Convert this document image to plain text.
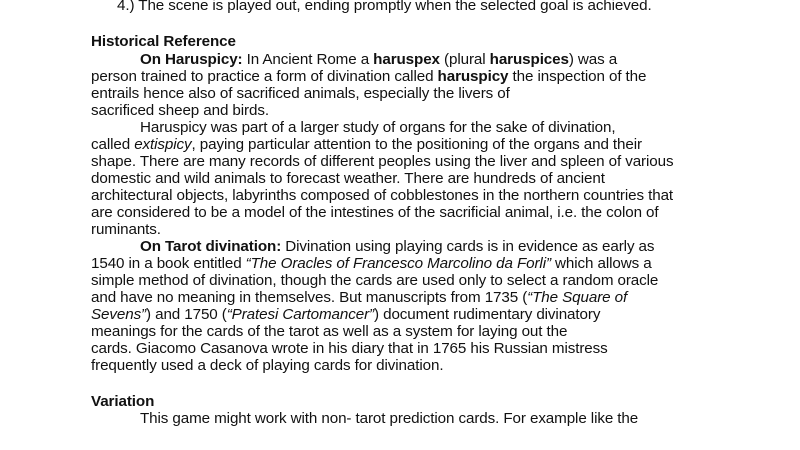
4.) The scene is played out, ending promptly when the selected goal is achieved.
Historical Reference
On Haruspicy: In Ancient Rome a haruspex (plural haruspices) was a
person trained to practice a form of divination called haruspicy the inspection of the
entrails hence also of sacrificed animals, especially the livers of
sacrificed sheep and birds.
Haruspicy was part of a larger study of organs for the sake of divination,
called extispicy, paying particular attention to the positioning of the organs and their
shape. There are many records of different peoples using the liver and spleen of various
domestic and wild animals to forecast weather. There are hundreds of ancient
architectural objects, labyrinths composed of cobblestones in the northern countries that
are considered to be a model of the intestines of the sacrificial animal, i.e. the colon of
ruminants.
On Tarot divination: Divination using playing cards is in evidence as early as
1540 in a book entitled “The Oracles of Francesco Marcolino da Forli” which allows a
simple method of divination, though the cards are used only to select a random oracle
and have no meaning in themselves. But manuscripts from 1735 (“The Square of
Sevens”) and 1750 (“Pratesi Cartomancer”) document rudimentary divinatory
meanings for the cards of the tarot as well as a system for laying out the
cards. Giacomo Casanova wrote in his diary that in 1765 his Russian mistress
frequently used a deck of playing cards for divination.
Variation
This game might work with non- tarot prediction cards. For example like the
